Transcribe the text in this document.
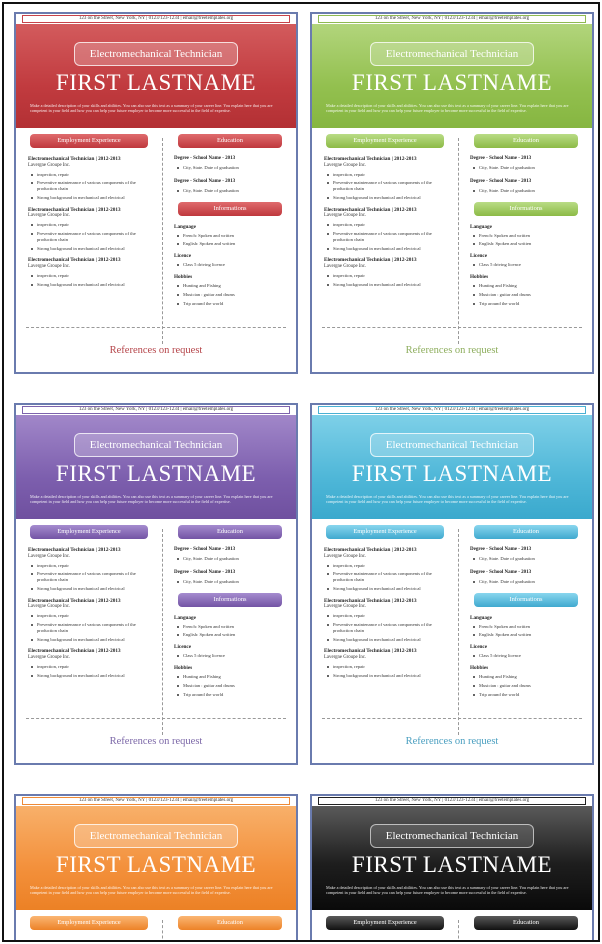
123 on the Street, New York, NY | 0123/123-1234 | email@freetemplates.org
Electromechanical Technician
FIRST LASTNAME
Make a detailed description of your skills and abilities. You can also use this text as a summary of your career line. You explain here that you are competent in your field and how you can help your future employer to become more successful in the field of expertise.
Employment Experience
Electromechanical Technician | 2012-2013
Lavergne Groupe Inc.
inspection, repair
Preventive maintenance of various components of the production chain
Strong background in mechanical and electrical
Electromechanical Technician | 2012-2013
Lavergne Groupe Inc.
inspection, repair
Preventive maintenance of various components of the production chain
Strong background in mechanical and electrical
Electromechanical Technician | 2012-2013
Lavergne Groupe Inc.
inspection, repair
Strong background in mechanical and electrical
Education
Degree - School Name - 2013
City, State. Date of graduation
Degree - School Name - 2013
City, State. Date of graduation
Informations
Language
French: Spoken and written
English: Spoken and written
Licence
Class 5 driving licence
Hobbies
Hunting and Fishing
Musician : guitar and drums
Trip around the world
References on request
123 on the Street, New York, NY | 0123/123-1234 | email@freetemplates.org
Electromechanical Technician
FIRST LASTNAME
Make a detailed description of your skills and abilities. You can also use this text as a summary of your career line. You explain here that you are competent in your field and how you can help your future employer to become more successful in the field of expertise.
Employment Experience
Electromechanical Technician | 2012-2013
Lavergne Groupe Inc.
inspection, repair
Preventive maintenance of various components of the production chain
Strong background in mechanical and electrical
Electromechanical Technician | 2012-2013
Lavergne Groupe Inc.
inspection, repair
Preventive maintenance of various components of the production chain
Strong background in mechanical and electrical
Electromechanical Technician | 2012-2013
Lavergne Groupe Inc.
inspection, repair
Strong background in mechanical and electrical
Education
Degree - School Name - 2013
City, State. Date of graduation
Degree - School Name - 2013
City, State. Date of graduation
Informations
Language
French: Spoken and written
English: Spoken and written
Licence
Class 5 driving licence
Hobbies
Hunting and Fishing
Musician : guitar and drums
Trip around the world
References on request
123 on the Street, New York, NY | 0123/123-1234 | email@freetemplates.org
Electromechanical Technician
FIRST LASTNAME
Make a detailed description of your skills and abilities. You can also use this text as a summary of your career line. You explain here that you are competent in your field and how you can help your future employer to become more successful in the field of expertise.
Employment Experience
Electromechanical Technician | 2012-2013
Lavergne Groupe Inc.
inspection, repair
Preventive maintenance of various components of the production chain
Strong background in mechanical and electrical
Electromechanical Technician | 2012-2013
Lavergne Groupe Inc.
inspection, repair
Preventive maintenance of various components of the production chain
Strong background in mechanical and electrical
Electromechanical Technician | 2012-2013
Lavergne Groupe Inc.
inspection, repair
Strong background in mechanical and electrical
Education
Degree - School Name - 2013
City, State. Date of graduation
Degree - School Name - 2013
City, State. Date of graduation
Informations
Language
French: Spoken and written
English: Spoken and written
Licence
Class 5 driving licence
Hobbies
Hunting and Fishing
Musician : guitar and drums
Trip around the world
References on request
123 on the Street, New York, NY | 0123/123-1234 | email@freetemplates.org
Electromechanical Technician
FIRST LASTNAME
Make a detailed description of your skills and abilities. You can also use this text as a summary of your career line. You explain here that you are competent in your field and how you can help your future employer to become more successful in the field of expertise.
Employment Experience
Electromechanical Technician | 2012-2013
Lavergne Groupe Inc.
inspection, repair
Preventive maintenance of various components of the production chain
Strong background in mechanical and electrical
Electromechanical Technician | 2012-2013
Lavergne Groupe Inc.
inspection, repair
Preventive maintenance of various components of the production chain
Strong background in mechanical and electrical
Electromechanical Technician | 2012-2013
Lavergne Groupe Inc.
inspection, repair
Strong background in mechanical and electrical
Education
Degree - School Name - 2013
City, State. Date of graduation
Degree - School Name - 2013
City, State. Date of graduation
Informations
Language
French: Spoken and written
English: Spoken and written
Licence
Class 5 driving licence
Hobbies
Hunting and Fishing
Musician : guitar and drums
Trip around the world
References on request
123 on the Street, New York, NY | 0123/123-1234 | email@freetemplates.org
Electromechanical Technician
FIRST LASTNAME
Make a detailed description of your skills and abilities. You can also use this text as a summary of your career line. You explain here that you are competent in your field and how you can help your future employer to become more successful in the field of expertise.
Employment Experience	Education
123 on the Street, New York, NY | 0123/123-1234 | email@freetemplates.org
Electromechanical Technician
FIRST LASTNAME
Make a detailed description of your skills and abilities. You can also use this text as a summary of your career line. You explain here that you are competent in your field and how you can help your future employer to become more successful in the field of expertise.
Employment Experience	Education
